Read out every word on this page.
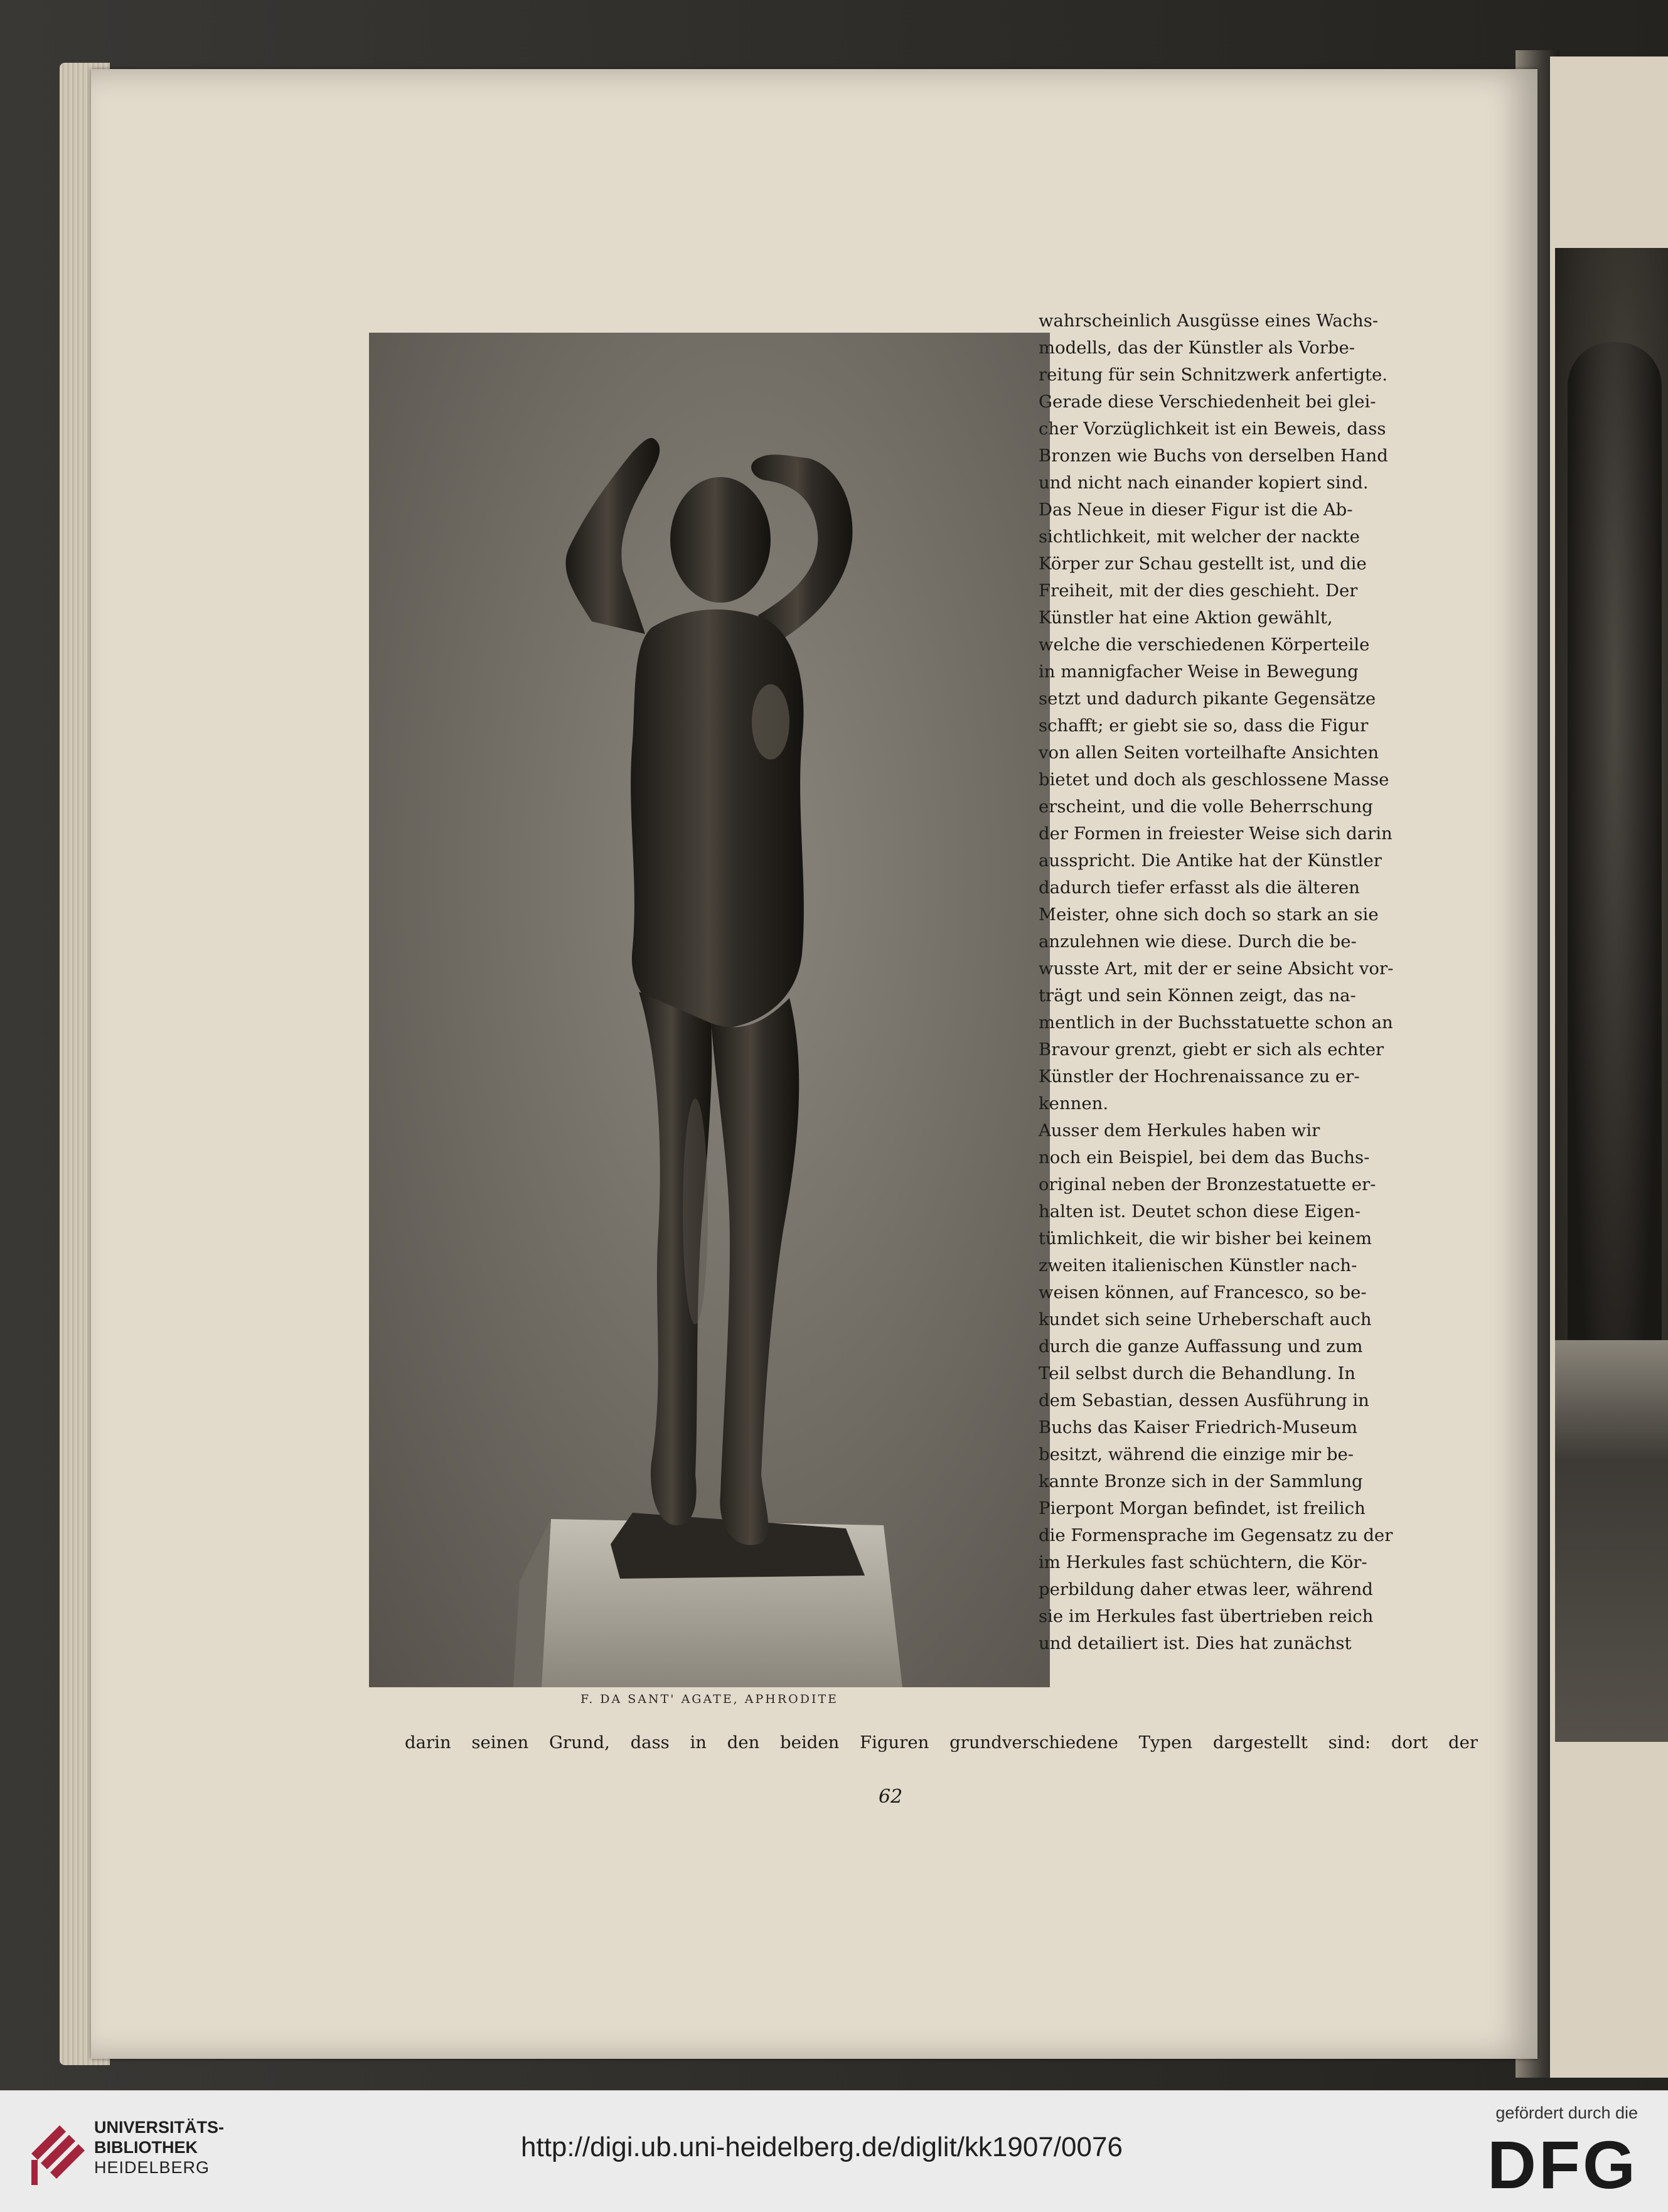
F. DA SANT' AGATE, APHRODITE
wahrscheinlich Ausgüsse eines Wachs-
modells, das der Künstler als Vorbe-
reitung für sein Schnitzwerk anfertigte.
Gerade diese Verschiedenheit bei glei-
cher Vorzüglichkeit ist ein Beweis, dass
Bronzen wie Buchs von derselben Hand
und nicht nach einander kopiert sind.
Das Neue in dieser Figur ist die Ab-
sichtlichkeit, mit welcher der nackte
Körper zur Schau gestellt ist, und die
Freiheit, mit der dies geschieht. Der
Künstler hat eine Aktion gewählt,
welche die verschiedenen Körperteile
in mannigfacher Weise in Bewegung
setzt und dadurch pikante Gegensätze
schafft; er giebt sie so, dass die Figur
von allen Seiten vorteilhafte Ansichten
bietet und doch als geschlossene Masse
erscheint, und die volle Beherrschung
der Formen in freiester Weise sich darin
ausspricht. Die Antike hat der Künstler
dadurch tiefer erfasst als die älteren
Meister, ohne sich doch so stark an sie
anzulehnen wie diese. Durch die be-
wusste Art, mit der er seine Absicht vor-
trägt und sein Können zeigt, das na-
mentlich in der Buchsstatuette schon an
Bravour grenzt, giebt er sich als echter
Künstler der Hochrenaissance zu er-
kennen.
Ausser dem Herkules haben wir
noch ein Beispiel, bei dem das Buchs-
original neben der Bronzestatuette er-
halten ist. Deutet schon diese Eigen-
tümlichkeit, die wir bisher bei keinem
zweiten italienischen Künstler nach-
weisen können, auf Francesco, so be-
kundet sich seine Urheberschaft auch
durch die ganze Auffassung und zum
Teil selbst durch die Behandlung. In
dem Sebastian, dessen Ausführung in
Buchs das Kaiser Friedrich-Museum
besitzt, während die einzige mir be-
kannte Bronze sich in der Sammlung
Pierpont Morgan befindet, ist freilich
die Formensprache im Gegensatz zu der
im Herkules fast schüchtern, die Kör-
perbildung daher etwas leer, während
sie im Herkules fast übertrieben reich
und detailiert ist. Dies hat zunächst
darin seinen Grund, dass in den beiden Figuren grundverschiedene Typen dargestellt sind: dort der
62
UNIVERSITÄTS-
BIBLIOTHEK
HEIDELBERG
http://digi.ub.uni-heidelberg.de/diglit/kk1907/0076
gefördert durch die
DFG
